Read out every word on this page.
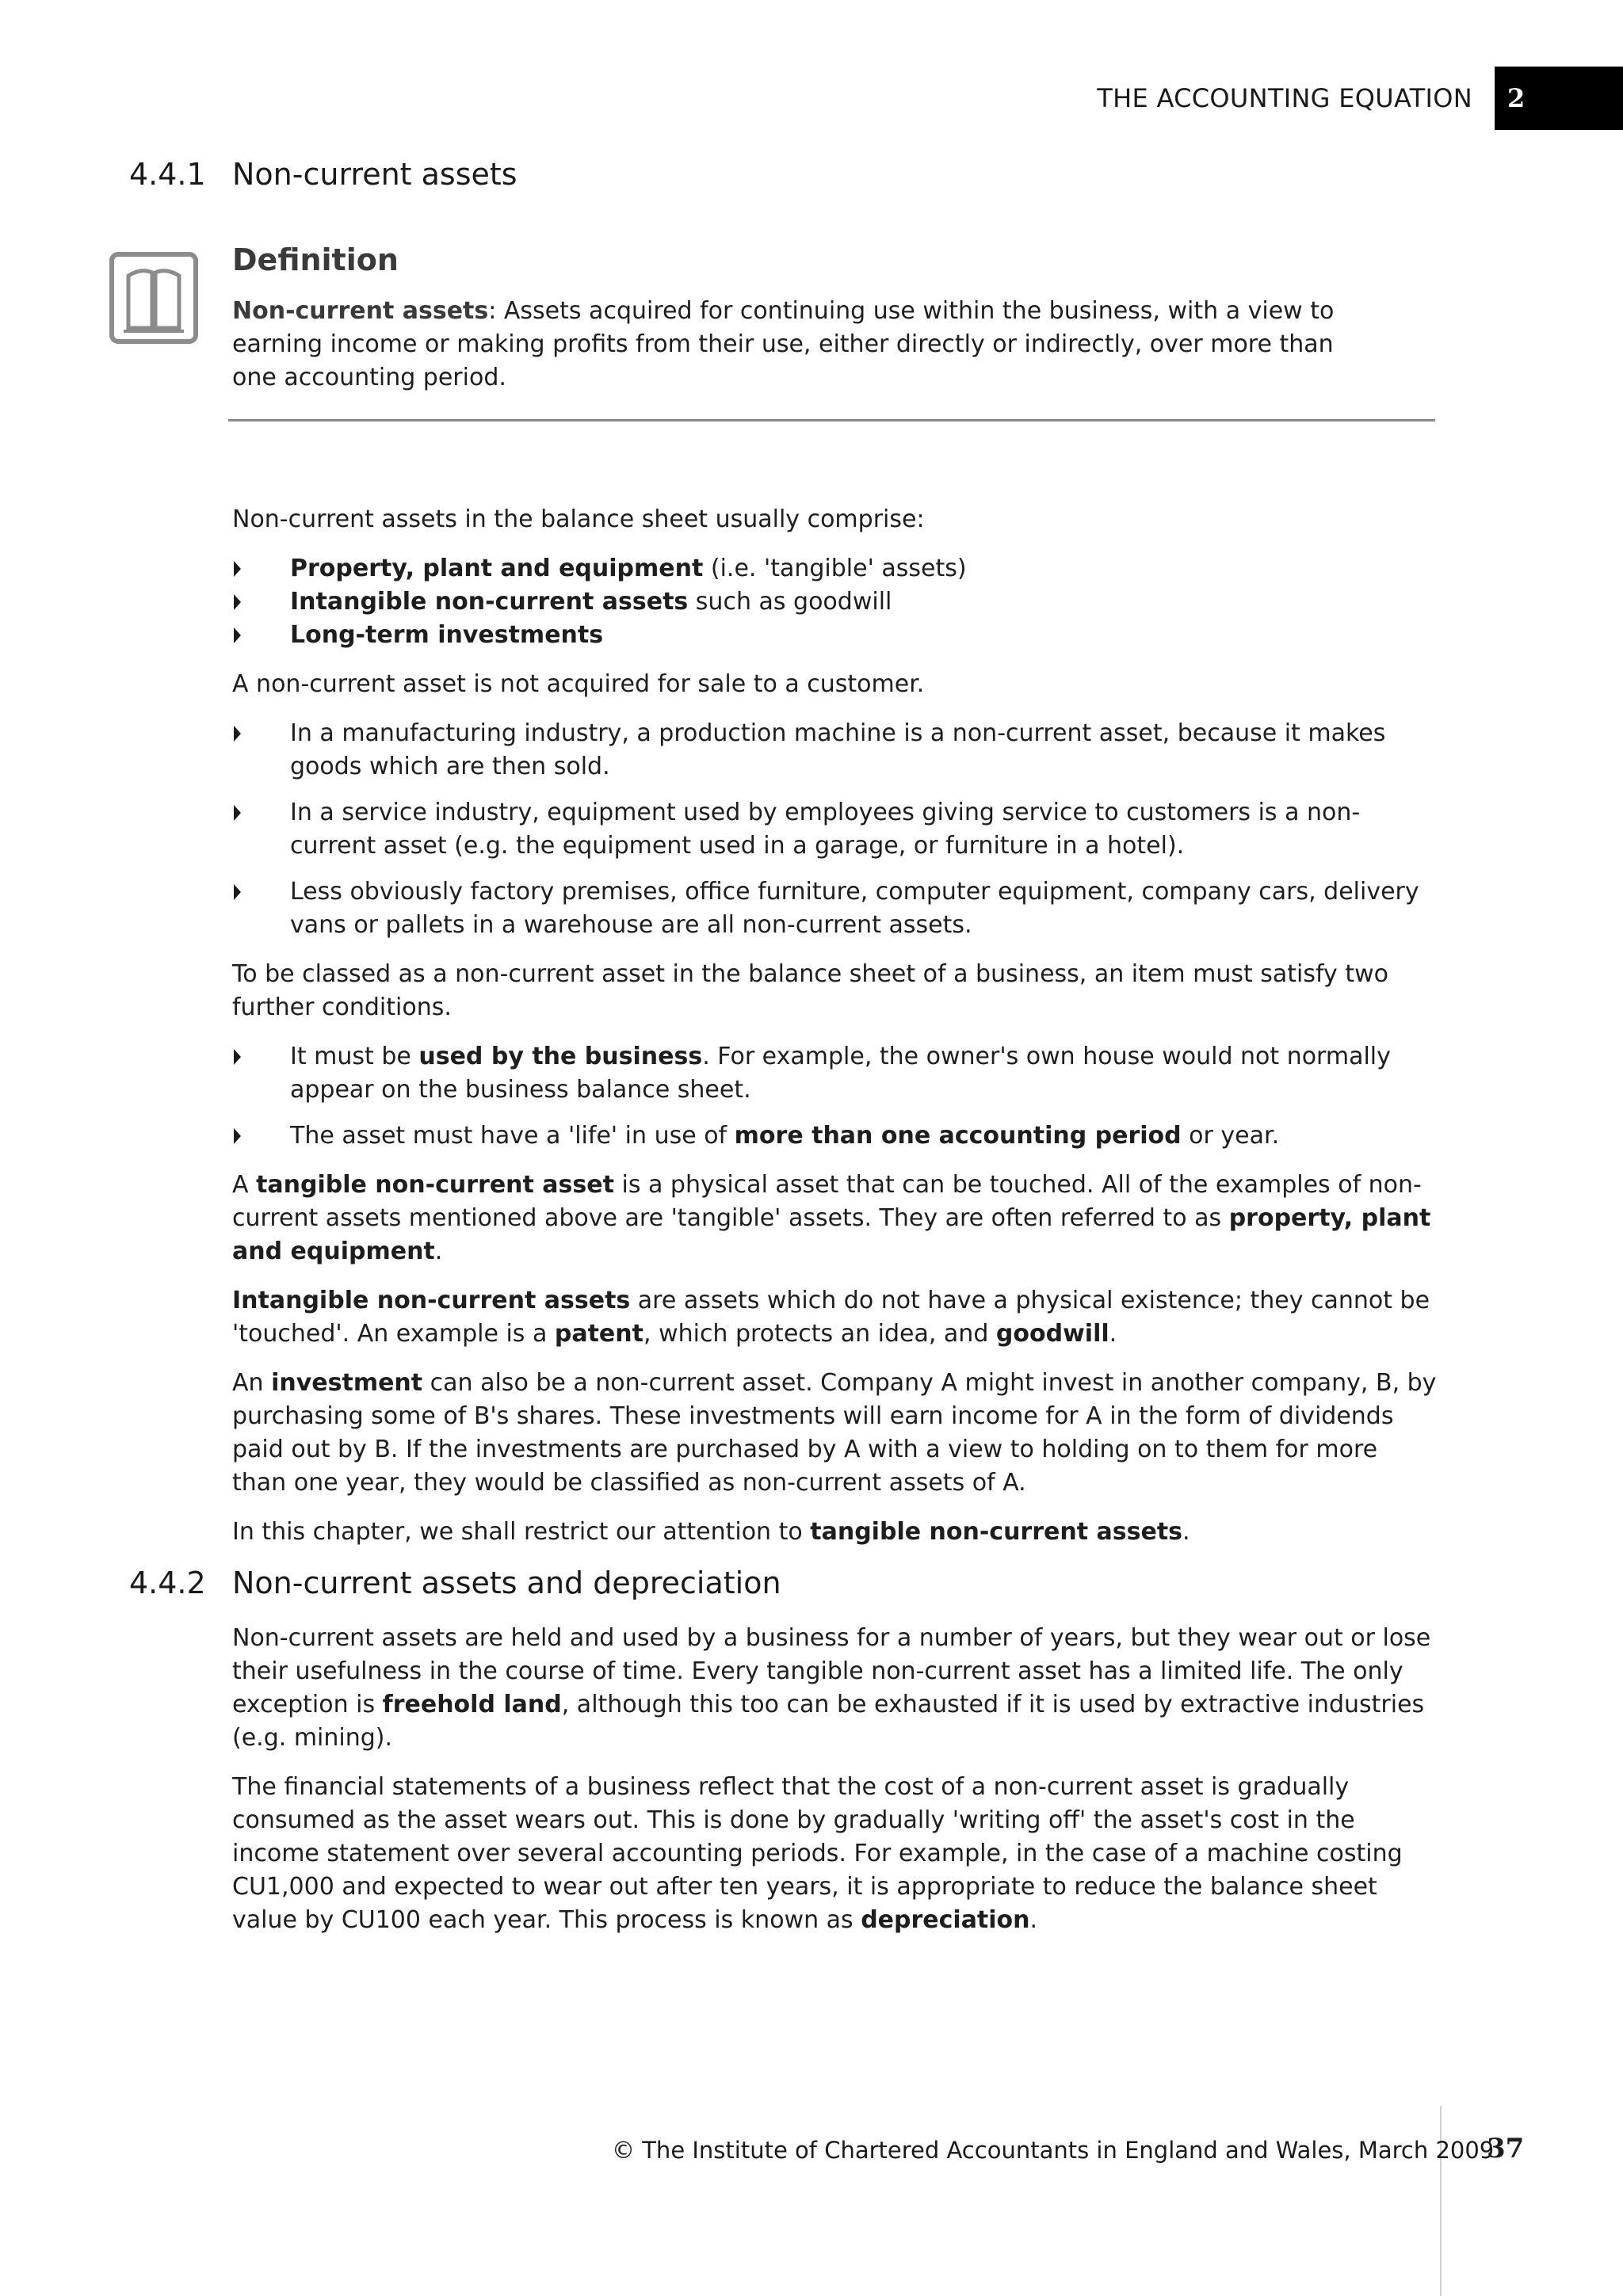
THE ACCOUNTING EQUATION	2
4.4.1 Non-current assets
Definition
Non-current assets: Assets acquired for continuing use within the business, with a view to earning income or making profits from their use, either directly or indirectly, over more than one accounting period.

Non-current assets in the balance sheet usually comprise:

Property, plant and equipment (i.e. 'tangible' assets)
Intangible non-current assets such as goodwill
Long-term investments

A non-current asset is not acquired for sale to a customer.

In a manufacturing industry, a production machine is a non-current asset, because it makes goods which are then sold.
In a service industry, equipment used by employees giving service to customers is a non-current asset (e.g. the equipment used in a garage, or furniture in a hotel).
Less obviously factory premises, office furniture, computer equipment, company cars, delivery vans or pallets in a warehouse are all non-current assets.

To be classed as a non-current asset in the balance sheet of a business, an item must satisfy two further conditions.

It must be used by the business. For example, the owner's own house would not normally appear on the business balance sheet.
The asset must have a 'life' in use of more than one accounting period or year.

A tangible non-current asset is a physical asset that can be touched. All of the examples of non-current assets mentioned above are 'tangible' assets. They are often referred to as property, plant and equipment.

Intangible non-current assets are assets which do not have a physical existence; they cannot be 'touched'. An example is a patent, which protects an idea, and goodwill.

An investment can also be a non-current asset. Company A might invest in another company, B, by purchasing some of B's shares. These investments will earn income for A in the form of dividends paid out by B. If the investments are purchased by A with a view to holding on to them for more than one year, they would be classified as non-current assets of A.

In this chapter, we shall restrict our attention to tangible non-current assets.

4.4.2 Non-current assets and depreciation

Non-current assets are held and used by a business for a number of years, but they wear out or lose their usefulness in the course of time. Every tangible non-current asset has a limited life. The only exception is freehold land, although this too can be exhausted if it is used by extractive industries (e.g. mining).

The financial statements of a business reflect that the cost of a non-current asset is gradually consumed as the asset wears out. This is done by gradually 'writing off' the asset's cost in the income statement over several accounting periods. For example, in the case of a machine costing CU1,000 and expected to wear out after ten years, it is appropriate to reduce the balance sheet value by CU100 each year. This process is known as depreciation.

© The Institute of Chartered Accountants in England and Wales, March 2009
37
